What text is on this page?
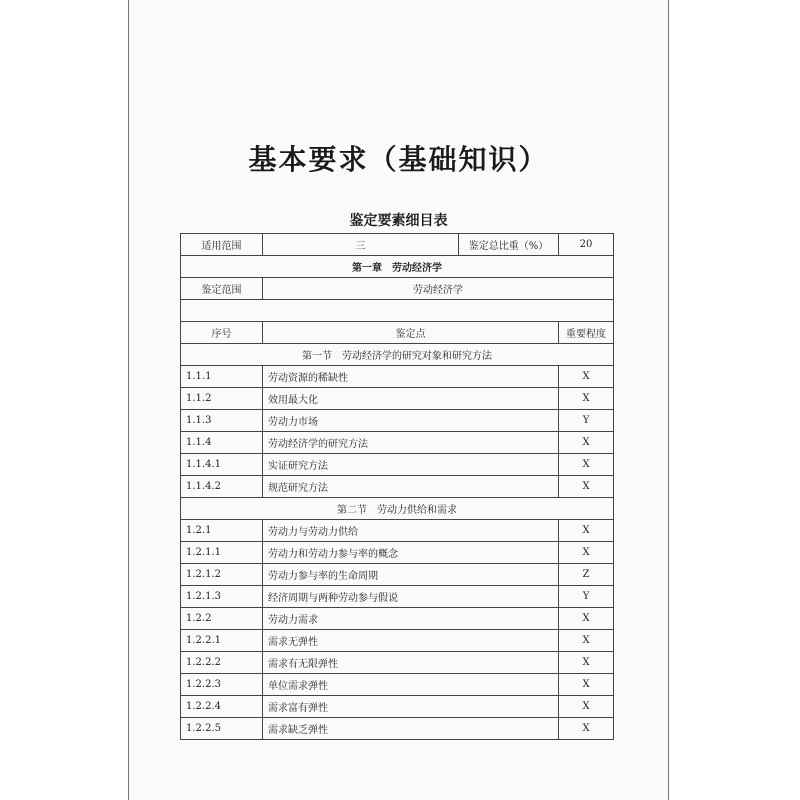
基本要求（基础知识）
鉴定要素细目表
适用范围	三	鉴定总比重（%）	20
第一章　劳动经济学			
鉴定范围	劳动经济学		

序号	鉴定点		重要程度
第一节　劳动经济学的研究对象和研究方法			
1.1.1	劳动资源的稀缺性		X
1.1.2	效用最大化		X
1.1.3	劳动力市场		Y
1.1.4	劳动经济学的研究方法		X
1.1.4.1	实证研究方法		X
1.1.4.2	规范研究方法		X
第二节　劳动力供给和需求			
1.2.1	劳动力与劳动力供给		X
1.2.1.1	劳动力和劳动力参与率的概念		X
1.2.1.2	劳动力参与率的生命周期		Z
1.2.1.3	经济周期与两种劳动参与假说		Y
1.2.2	劳动力需求		X
1.2.2.1	需求无弹性		X
1.2.2.2	需求有无限弹性		X
1.2.2.3	单位需求弹性		X
1.2.2.4	需求富有弹性		X
1.2.2.5	需求缺乏弹性		X
